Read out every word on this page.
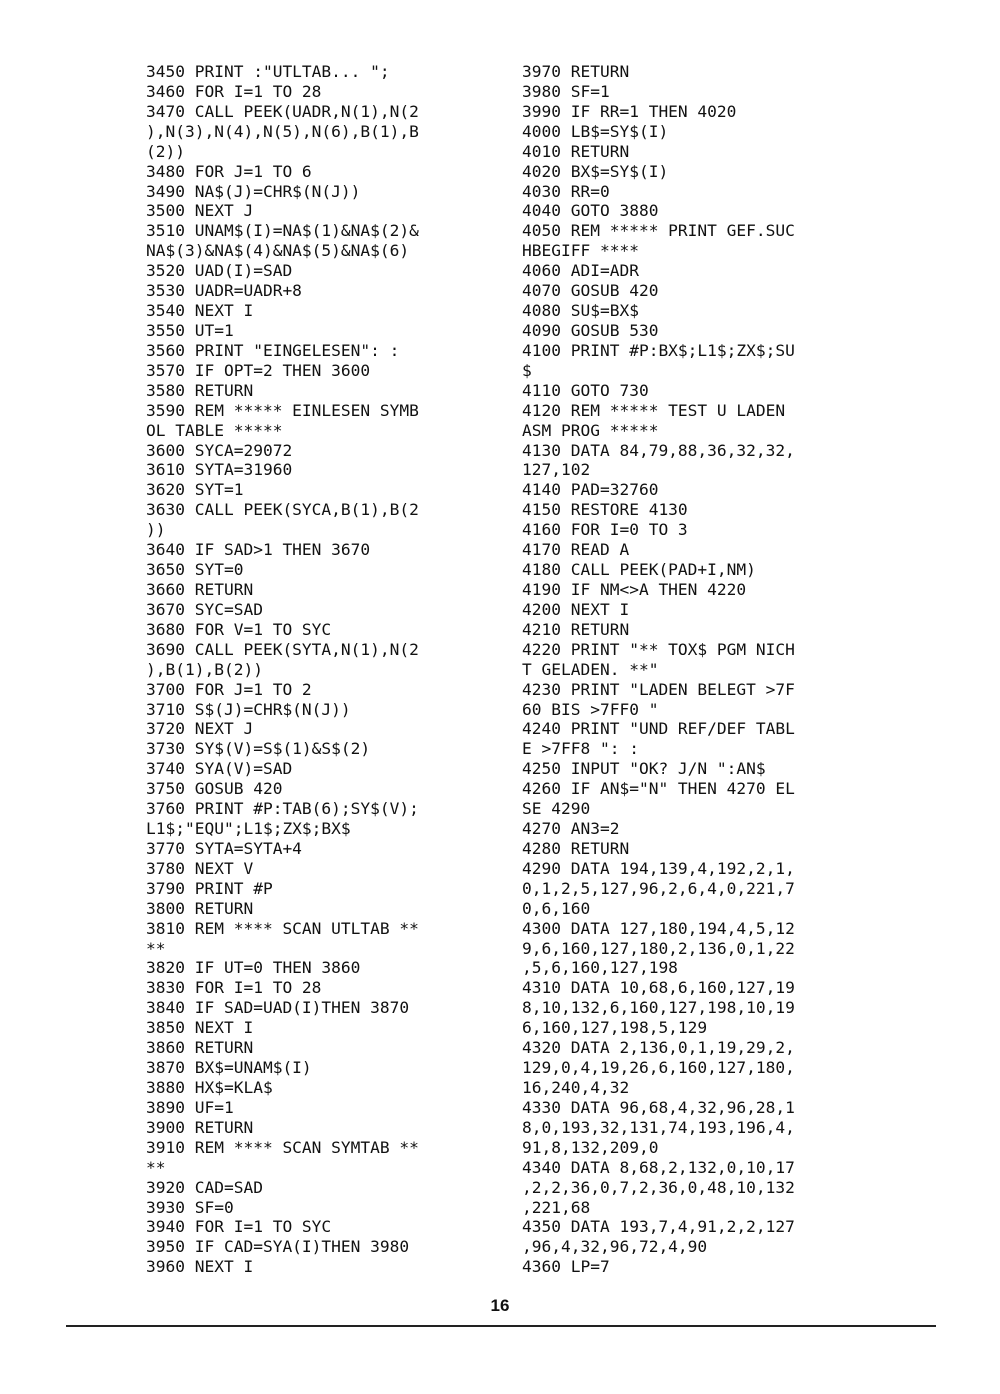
3450 PRINT :"UTLTAB... ";
3460 FOR I=1 TO 28
3470 CALL PEEK(UADR,N(1),N(2
),N(3),N(4),N(5),N(6),B(1),B
(2))
3480 FOR J=1 TO 6
3490 NA$(J)=CHR$(N(J))
3500 NEXT J
3510 UNAM$(I)=NA$(1)&NA$(2)&
NA$(3)&NA$(4)&NA$(5)&NA$(6)
3520 UAD(I)=SAD
3530 UADR=UADR+8
3540 NEXT I
3550 UT=1
3560 PRINT "EINGELESEN": :
3570 IF OPT=2 THEN 3600
3580 RETURN
3590 REM ***** EINLESEN SYMB
OL TABLE *****
3600 SYCA=29072
3610 SYTA=31960
3620 SYT=1
3630 CALL PEEK(SYCA,B(1),B(2
))
3640 IF SAD>1 THEN 3670
3650 SYT=0
3660 RETURN
3670 SYC=SAD
3680 FOR V=1 TO SYC
3690 CALL PEEK(SYTA,N(1),N(2
),B(1),B(2))
3700 FOR J=1 TO 2
3710 S$(J)=CHR$(N(J))
3720 NEXT J
3730 SY$(V)=S$(1)&S$(2)
3740 SYA(V)=SAD
3750 GOSUB 420
3760 PRINT #P:TAB(6);SY$(V);
L1$;"EQU";L1$;ZX$;BX$
3770 SYTA=SYTA+4
3780 NEXT V
3790 PRINT #P
3800 RETURN
3810 REM **** SCAN UTLTAB **
**
3820 IF UT=0 THEN 3860
3830 FOR I=1 TO 28
3840 IF SAD=UAD(I)THEN 3870
3850 NEXT I
3860 RETURN
3870 BX$=UNAM$(I)
3880 HX$=KLA$
3890 UF=1
3900 RETURN
3910 REM **** SCAN SYMTAB **
**
3920 CAD=SAD
3930 SF=0
3940 FOR I=1 TO SYC
3950 IF CAD=SYA(I)THEN 3980
3960 NEXT I
3970 RETURN
3980 SF=1
3990 IF RR=1 THEN 4020
4000 LB$=SY$(I)
4010 RETURN
4020 BX$=SY$(I)
4030 RR=0
4040 GOTO 3880
4050 REM ***** PRINT GEF.SUC
HBEGIFF ****
4060 ADI=ADR
4070 GOSUB 420
4080 SU$=BX$
4090 GOSUB 530
4100 PRINT #P:BX$;L1$;ZX$;SU
$
4110 GOTO 730
4120 REM ***** TEST U LADEN
ASM PROG *****
4130 DATA 84,79,88,36,32,32,
127,102
4140 PAD=32760
4150 RESTORE 4130
4160 FOR I=0 TO 3
4170 READ A
4180 CALL PEEK(PAD+I,NM)
4190 IF NM<>A THEN 4220
4200 NEXT I
4210 RETURN
4220 PRINT "** TOX$ PGM NICH
T GELADEN. **"
4230 PRINT "LADEN BELEGT >7F
60 BIS >7FF0 "
4240 PRINT "UND REF/DEF TABL
E >7FF8 ": :
4250 INPUT "OK? J/N ":AN$
4260 IF AN$="N" THEN 4270 EL
SE 4290
4270 AN3=2
4280 RETURN
4290 DATA 194,139,4,192,2,1,
0,1,2,5,127,96,2,6,4,0,221,7
0,6,160
4300 DATA 127,180,194,4,5,12
9,6,160,127,180,2,136,0,1,22
,5,6,160,127,198
4310 DATA 10,68,6,160,127,19
8,10,132,6,160,127,198,10,19
6,160,127,198,5,129
4320 DATA 2,136,0,1,19,29,2,
129,0,4,19,26,6,160,127,180,
16,240,4,32
4330 DATA 96,68,4,32,96,28,1
8,0,193,32,131,74,193,196,4,
91,8,132,209,0
4340 DATA 8,68,2,132,0,10,17
,2,2,36,0,7,2,36,0,48,10,132
,221,68
4350 DATA 193,7,4,91,2,2,127
,96,4,32,96,72,4,90
4360 LP=7
16
